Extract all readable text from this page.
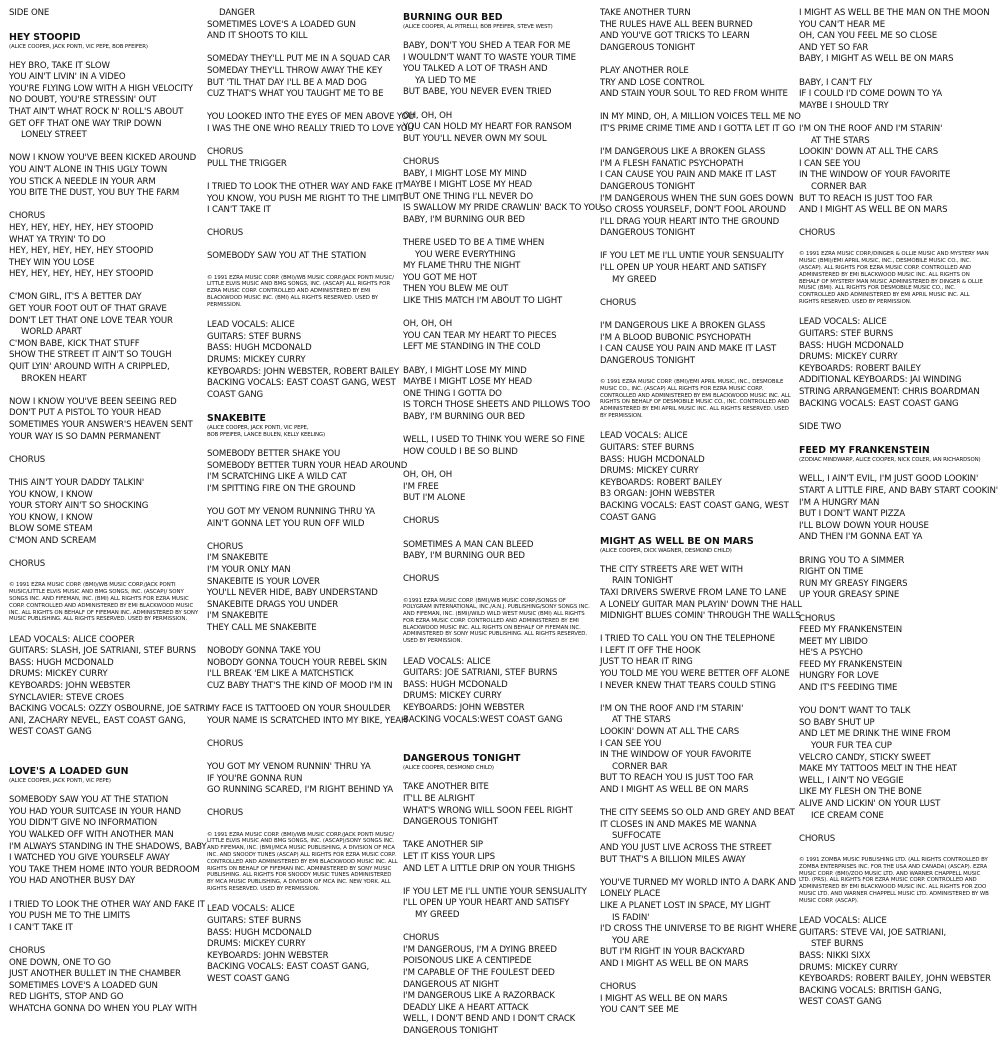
SIDE ONE
HEY STOOPID
(ALICE COOPER, JACK PONTI, VIC PEPE, BOB PFEIFER)
HEY BRO, TAKE IT SLOW
YOU AIN'T LIVIN' IN A VIDEO
YOU'RE FLYING LOW WITH A HIGH VELOCITY
NO DOUBT, YOU'RE STRESSIN' OUT
THAT AIN'T WHAT ROCK N' ROLL'S ABOUT
GET OFF THAT ONE WAY TRIP DOWN
LONELY STREET
NOW I KNOW YOU'VE BEEN KICKED AROUND
YOU AIN'T ALONE IN THIS UGLY TOWN
YOU STICK A NEEDLE IN YOUR ARM
YOU BITE THE DUST, YOU BUY THE FARM
CHORUS
HEY, HEY, HEY, HEY, HEY STOOPID
WHAT YA TRYIN' TO DO
HEY, HEY, HEY, HEY, HEY STOOPID
THEY WIN YOU LOSE
HEY, HEY, HEY, HEY, HEY STOOPID
C'MON GIRL, IT'S A BETTER DAY
GET YOUR FOOT OUT OF THAT GRAVE
DON'T LET THAT ONE LOVE TEAR YOUR
WORLD APART
C'MON BABE, KICK THAT STUFF
SHOW THE STREET IT AIN'T SO TOUGH
QUIT LYIN' AROUND WITH A CRIPPLED,
BROKEN HEART
NOW I KNOW YOU'VE BEEN SEEING RED
DON'T PUT A PISTOL TO YOUR HEAD
SOMETIMES YOUR ANSWER'S HEAVEN SENT
YOUR WAY IS SO DAMN PERMANENT
CHORUS
THIS AIN'T YOUR DADDY TALKIN'
YOU KNOW, I KNOW
YOUR STORY AIN'T SO SHOCKING
YOU KNOW, I KNOW
BLOW SOME STEAM
C'MON AND SCREAM
CHORUS
© 1991 EZRA MUSIC CORP. (BMI)/WB MUSIC CORP./JACK PONTI MUSIC/LITTLE ELVIS MUSIC AND BMG SONGS, INC. (ASCAP)/ SONY SONGS INC. AND FIFEMAN, INC. (BMI) ALL RIGHTS FOR EZRA MUSIC CORP. CONTROLLED AND ADMINISTERED BY EMI BLACKWOOD MUSIC INC. ALL RIGHTS ON BEHALF OF FIFEMAN INC. ADMINISTERED BY SONY MUSIC PUBLISHING. ALL RIGHTS RESERVED. USED BY PERMISSION.
LEAD VOCALS: ALICE COOPER
GUITARS: SLASH, JOE SATRIANI, STEF BURNS
BASS: HUGH MCDONALD
DRUMS: MICKEY CURRY
KEYBOARDS: JOHN WEBSTER
SYNCLAVIER: STEVE CROES
BACKING VOCALS: OZZY OSBOURNE, JOE SATRI-
ANI, ZACHARY NEVEL, EAST COAST GANG,
WEST COAST GANG
LOVE'S A LOADED GUN
(ALICE COOPER, JACK PONTI, VIC PEPE)
SOMEBODY SAW YOU AT THE STATION
YOU HAD YOUR SUITCASE IN YOUR HAND
YOU DIDN'T GIVE NO INFORMATION
YOU WALKED OFF WITH ANOTHER MAN
I'M ALWAYS STANDING IN THE SHADOWS, BABY
I WATCHED YOU GIVE YOURSELF AWAY
YOU TAKE THEM HOME INTO YOUR BEDROOM
YOU HAD ANOTHER BUSY DAY
I TRIED TO LOOK THE OTHER WAY AND FAKE IT
YOU PUSH ME TO THE LIMITS
I CAN'T TAKE IT
CHORUS
ONE DOWN, ONE TO GO
JUST ANOTHER BULLET IN THE CHAMBER
SOMETIMES LOVE'S A LOADED GUN
RED LIGHTS, STOP AND GO
WHATCHA GONNA DO WHEN YOU PLAY WITH
DANGER
SOMETIMES LOVE'S A LOADED GUN
AND IT SHOOTS TO KILL
SOMEDAY THEY'LL PUT ME IN A SQUAD CAR
SOMEDAY THEY'LL THROW AWAY THE KEY
BUT 'TIL THAT DAY I'LL BE A MAD DOG
CUZ THAT'S WHAT YOU TAUGHT ME TO BE
YOU LOOKED INTO THE EYES OF MEN ABOVE YOU
I WAS THE ONE WHO REALLY TRIED TO LOVE YOU
CHORUS
PULL THE TRIGGER
I TRIED TO LOOK THE OTHER WAY AND FAKE IT
YOU KNOW, YOU PUSH ME RIGHT TO THE LIMIT
I CAN'T TAKE IT
CHORUS
SOMEBODY SAW YOU AT THE STATION
© 1991 EZRA MUSIC CORP. (BMI)/WB MUSIC CORP./JACK PONTI MUSIC/ LITTLE ELVIS MUSIC AND BMG SONGS, INC. (ASCAP) ALL RIGHTS FOR EZRA MUSIC CORP. CONTROLLED AND ADMINISTERED BY EMI BLACKWOOD MUSIC INC. (BMI) ALL RIGHTS RESERVED. USED BY PERMISSION.
LEAD VOCALS: ALICE
GUITARS: STEF BURNS
BASS: HUGH MCDONALD
DRUMS: MICKEY CURRY
KEYBOARDS: JOHN WEBSTER, ROBERT BAILEY
BACKING VOCALS: EAST COAST GANG, WEST
COAST GANG
SNAKEBITE
(ALICE COOPER, JACK PONTI, VIC PEPE,
BOB PFEIFER, LANCE BULEN, KELLY KEELING)
SOMEBODY BETTER SHAKE YOU
SOMEBODY BETTER TURN YOUR HEAD AROUND
I'M SCRATCHING LIKE A WILD CAT
I'M SPITTING FIRE ON THE GROUND
YOU GOT MY VENOM RUNNING THRU YA
AIN'T GONNA LET YOU RUN OFF WILD
CHORUS
I'M SNAKEBITE
I'M YOUR ONLY MAN
SNAKEBITE IS YOUR LOVER
YOU'LL NEVER HIDE, BABY UNDERSTAND
SNAKEBITE DRAGS YOU UNDER
I'M SNAKEBITE
THEY CALL ME SNAKEBITE
NOBODY GONNA TAKE YOU
NOBODY GONNA TOUCH YOUR REBEL SKIN
I'LL BREAK 'EM LIKE A MATCHSTICK
CUZ BABY THAT'S THE KIND OF MOOD I'M IN
MY FACE IS TATTOOED ON YOUR SHOULDER
YOUR NAME IS SCRATCHED INTO MY BIKE, YEAH
CHORUS
YOU GOT MY VENOM RUNNIN' THRU YA
IF YOU'RE GONNA RUN
GO RUNNING SCARED, I'M RIGHT BEHIND YA
CHORUS
© 1991 EZRA MUSIC CORP. (BMI)/WB MUSIC CORP./JACK PONTI MUSIC/ LITTLE ELVIS MUSIC AND BMG SONGS, INC. (ASCAP)/SONY SONGS INC. AND FIFEMAN, INC. (BMI)/MCA MUSIC PUBLISHING, A DIVISION OF MCA INC. AND SNOODY TUNES (ASCAP) ALL RIGHTS FOR EZRA MUSIC CORP. CONTROLLED AND ADMINISTERED BY EMI BLACKWOOD MUSIC INC. ALL RIGHTS ON BEHALF OF FIFEMAN INC. ADMINISTERED BY SONY MUSIC PUBLISHING. ALL RIGHTS FOR SNOODY MUSIC TUNES ADMINISTERED BY MCA MUSIC PUBLISHING, A DIVISION OF MCA INC. NEW YORK. ALL RIGHTS RESERVED. USED BY PERMISSION.
LEAD VOCALS: ALICE
GUITARS: STEF BURNS
BASS: HUGH MCDONALD
DRUMS: MICKEY CURRY
KEYBOARDS: JOHN WEBSTER
BACKING VOCALS: EAST COAST GANG,
WEST COAST GANG
BURNING OUR BED
(ALICE COOPER, AL PITRELLI, BOB PFEIFER, STEVE WEST)
BABY, DON'T YOU SHED A TEAR FOR ME
I WOULDN'T WANT TO WASTE YOUR TIME
YOU TALKED A LOT OF TRASH AND
YA LIED TO ME
BUT BABE, YOU NEVER EVEN TRIED
OH, OH, OH
YOU CAN HOLD MY HEART FOR RANSOM
BUT YOU'LL NEVER OWN MY SOUL
CHORUS
BABY, I MIGHT LOSE MY MIND
MAYBE I MIGHT LOSE MY HEAD
BUT ONE THING I'LL NEVER DO
IS SWALLOW MY PRIDE CRAWLIN' BACK TO YOU
BABY, I'M BURNING OUR BED
THERE USED TO BE A TIME WHEN
YOU WERE EVERYTHING
MY FLAME THRU THE NIGHT
YOU GOT ME HOT
THEN YOU BLEW ME OUT
LIKE THIS MATCH I'M ABOUT TO LIGHT
OH, OH, OH
YOU CAN TEAR MY HEART TO PIECES
LEFT ME STANDING IN THE COLD
BABY, I MIGHT LOSE MY MIND
MAYBE I MIGHT LOSE MY HEAD
ONE THING I GOTTA DO
IS TORCH THOSE SHEETS AND PILLOWS TOO
BABY, I'M BURNING OUR BED
WELL, I USED TO THINK YOU WERE SO FINE
HOW COULD I BE SO BLIND
OH, OH, OH
I'M FREE
BUT I'M ALONE
CHORUS
SOMETIMES A MAN CAN BLEED
BABY, I'M BURNING OUR BED
CHORUS
©1991 EZRA MUSIC CORP. (BMI)/WB MUSIC CORP./SONGS OF POLYGRAM INTERNATIONAL, INC./A.N.J. PUBLISHING/SONY SONGS INC. AND FIFEMAN, INC. (BMI)/WILD WILD WEST MUSIC (BMI) ALL RIGHTS FOR EZRA MUSIC CORP. CONTROLLED AND ADMINISTERED BY EMI BLACKWOOD MUSIC INC. ALL RIGHTS ON BEHALF OF FIFEMAN INC. ADMINISTERED BY SONY MUSIC PUBLISHING. ALL RIGHTS RESERVED. USED BY PERMISSION.
LEAD VOCALS: ALICE
GUITARS: JOE SATRIANI, STEF BURNS
BASS: HUGH MCDONALD
DRUMS: MICKEY CURRY
KEYBOARDS: JOHN WEBSTER
BACKING VOCALS:WEST COAST GANG
DANGEROUS TONIGHT
(ALICE COOPER, DESMOND CHILD)
TAKE ANOTHER BITE
IT'LL BE ALRIGHT
WHAT'S WRONG WILL SOON FEEL RIGHT
DANGEROUS TONIGHT
TAKE ANOTHER SIP
LET IT KISS YOUR LIPS
AND LET A LITTLE DRIP ON YOUR THIGHS
IF YOU LET ME I'LL UNTIE YOUR SENSUALITY
I'LL OPEN UP YOUR HEART AND SATISFY
MY GREED
CHORUS
I'M DANGEROUS, I'M A DYING BREED
POISONOUS LIKE A CENTIPEDE
I'M CAPABLE OF THE FOULEST DEED
DANGEROUS AT NIGHT
I'M DANGEROUS LIKE A RAZORBACK
DEADLY LIKE A HEART ATTACK
WELL, I DON'T BEND AND I DON'T CRACK
DANGEROUS TONIGHT
TAKE ANOTHER TURN
THE RULES HAVE ALL BEEN BURNED
AND YOU'VE GOT TRICKS TO LEARN
DANGEROUS TONIGHT
PLAY ANOTHER ROLE
TRY AND LOSE CONTROL
AND STAIN YOUR SOUL TO RED FROM WHITE
IN MY MIND, OH, A MILLION VOICES TELL ME NO
IT'S PRIME CRIME TIME AND I GOTTA LET IT GO
I'M DANGEROUS LIKE A BROKEN GLASS
I'M A FLESH FANATIC PSYCHOPATH
I CAN CAUSE YOU PAIN AND MAKE IT LAST
DANGEROUS TONIGHT
I'M DANGEROUS WHEN THE SUN GOES DOWN
SO CROSS YOURSELF, DON'T FOOL AROUND
I'LL DRAG YOUR HEART INTO THE GROUND
DANGEROUS TONIGHT
IF YOU LET ME I'LL UNTIE YOUR SENSUALITY
I'LL OPEN UP YOUR HEART AND SATISFY
MY GREED
CHORUS
I'M DANGEROUS LIKE A BROKEN GLASS
I'M A BLOOD BUBONIC PSYCHOPATH
I CAN CAUSE YOU PAIN AND MAKE IT LAST
DANGEROUS TONIGHT
© 1991 EZRA MUSIC CORP. (BMI)/EMI APRIL MUSIC, INC., DESMOBILE MUSIC CO., INC. (ASCAP) ALL RIGHTS FOR EZRA MUSIC CORP. CONTROLLED AND ADMINISTERED BY EMI BLACKWOOD MUSIC INC. ALL RIGHTS ON BEHALF OF DESMOBILE MUSIC CO., INC. CONTROLLED AND ADMINISTERED BY EMI APRIL MUSIC INC. ALL RIGHTS RESERVED. USED BY PERMISSION.
LEAD VOCALS: ALICE
GUITARS: STEF BURNS
BASS: HUGH MCDONALD
DRUMS: MICKEY CURRY
KEYBOARDS: ROBERT BAILEY
B3 ORGAN: JOHN WEBSTER
BACKING VOCALS: EAST COAST GANG, WEST
COAST GANG
MIGHT AS WELL BE ON MARS
(ALICE COOPER, DICK WAGNER, DESMOND CHILD)
THE CITY STREETS ARE WET WITH
RAIN TONIGHT
TAXI DRIVERS SWERVE FROM LANE TO LANE
A LONELY GUITAR MAN PLAYIN' DOWN THE HALL
MIDNIGHT BLUES COMIN' THROUGH THE WALLS
I TRIED TO CALL YOU ON THE TELEPHONE
I LEFT IT OFF THE HOOK
JUST TO HEAR IT RING
YOU TOLD ME YOU WERE BETTER OFF ALONE
I NEVER KNEW THAT TEARS COULD STING
I'M ON THE ROOF AND I'M STARIN'
AT THE STARS
LOOKIN' DOWN AT ALL THE CARS
I CAN SEE YOU
IN THE WINDOW OF YOUR FAVORITE
CORNER BAR
BUT TO REACH YOU IS JUST TOO FAR
AND I MIGHT AS WELL BE ON MARS
THE CITY SEEMS SO OLD AND GREY AND BEAT
IT CLOSES IN AND MAKES ME WANNA
SUFFOCATE
AND YOU JUST LIVE ACROSS THE STREET
BUT THAT'S A BILLION MILES AWAY
YOU'VE TURNED MY WORLD INTO A DARK AND
LONELY PLACE
LIKE A PLANET LOST IN SPACE, MY LIGHT
IS FADIN'
I'D CROSS THE UNIVERSE TO BE RIGHT WHERE
YOU ARE
BUT I'M RIGHT IN YOUR BACKYARD
AND I MIGHT AS WELL BE ON MARS
CHORUS
I MIGHT AS WELL BE ON MARS
YOU CAN'T SEE ME
I MIGHT AS WELL BE THE MAN ON THE MOON
YOU CAN'T HEAR ME
OH, CAN YOU FEEL ME SO CLOSE
AND YET SO FAR
BABY, I MIGHT AS WELL BE ON MARS
BABY, I CAN'T FLY
IF I COULD I'D COME DOWN TO YA
MAYBE I SHOULD TRY
I'M ON THE ROOF AND I'M STARIN'
AT THE STARS
LOOKIN' DOWN AT ALL THE CARS
I CAN SEE YOU
IN THE WINDOW OF YOUR FAVORITE
CORNER BAR
BUT TO REACH IS JUST TOO FAR
AND I MIGHT AS WELL BE ON MARS
CHORUS
© 1991 EZRA MUSIC CORP./DINGER & OLLIE MUSIC AND MYSTERY MAN MUSIC (BMI)/EMI APRIL MUSIC, INC., DESMOBILE MUSIC CO., INC. (ASCAP). ALL RIGHTS FOR EZRA MUSIC CORP. CONTROLLED AND ADMINISTERED BY EMI BLACKWOOD MUSIC INC. ALL RIGHTS ON BEHALF OF MYSTERY MAN MUSIC ADMINISTERED BY DINGER & OLLIE MUSIC (BMI). ALL RIGHTS FOR DESMOBILE MUSIC CO., INC. CONTROLLED AND ADMINISTERED BY EMI APRIL MUSIC INC. ALL RIGHTS RESERVED. USED BY PERMISSION.
LEAD VOCALS: ALICE
GUITARS: STEF BURNS
BASS: HUGH MCDONALD
DRUMS: MICKEY CURRY
KEYBOARDS: ROBERT BAILEY
ADDITIONAL KEYBOARDS: JAI WINDING
STRING ARRANGEMENT: CHRIS BOARDMAN
BACKING VOCALS: EAST COAST GANG
SIDE TWO
FEED MY FRANKENSTEIN
(ZODIAC MINDWARP, ALICE COOPER, NICK COLER, IAN RICHARDSON)
WELL, I AIN'T EVIL, I'M JUST GOOD LOOKIN'
START A LITTLE FIRE, AND BABY START COOKIN'
I'M A HUNGRY MAN
BUT I DON'T WANT PIZZA
I'LL BLOW DOWN YOUR HOUSE
AND THEN I'M GONNA EAT YA
BRING YOU TO A SIMMER
RIGHT ON TIME
RUN MY GREASY FINGERS
UP YOUR GREASY SPINE
CHORUS
FEED MY FRANKENSTEIN
MEET MY LIBIDO
HE'S A PSYCHO
FEED MY FRANKENSTEIN
HUNGRY FOR LOVE
AND IT'S FEEDING TIME
YOU DON'T WANT TO TALK
SO BABY SHUT UP
AND LET ME DRINK THE WINE FROM
YOUR FUR TEA CUP
VELCRO CANDY, STICKY SWEET
MAKE MY TATTOOS MELT IN THE HEAT
WELL, I AIN'T NO VEGGIE
LIKE MY FLESH ON THE BONE
ALIVE AND LICKIN' ON YOUR LUST
ICE CREAM CONE
CHORUS
© 1991 ZOMBA MUSIC PUBLISHING LTD. (ALL RIGHTS CONTROLLED BY ZOMBA ENTERPRISES INC. FOR THE USA AND CANADA) (ASCAP). EZRA MUSIC CORP. (BMI)/ZOO MUSIC LTD. AND WARNER CHAPPELL MUSIC LTD. (PRS). ALL RIGHTS FOR EZRA MUSIC CORP. CONTROLLED AND ADMINISTERED BY EMI BLACKWOOD MUSIC INC. ALL RIGHTS FOR ZOO MUSIC LTD. AND WARNER CHAPPELL MUSIC LTD. ADMINISTERED BY WB MUSIC CORP. (ASCAP).
LEAD VOCALS: ALICE
GUITARS: STEVE VAI, JOE SATRIANI,
STEF BURNS
BASS: NIKKI SIXX
DRUMS: MICKEY CURRY
KEYBOARDS: ROBERT BAILEY, JOHN WEBSTER
BACKING VOCALS: BRITISH GANG,
WEST COAST GANG
